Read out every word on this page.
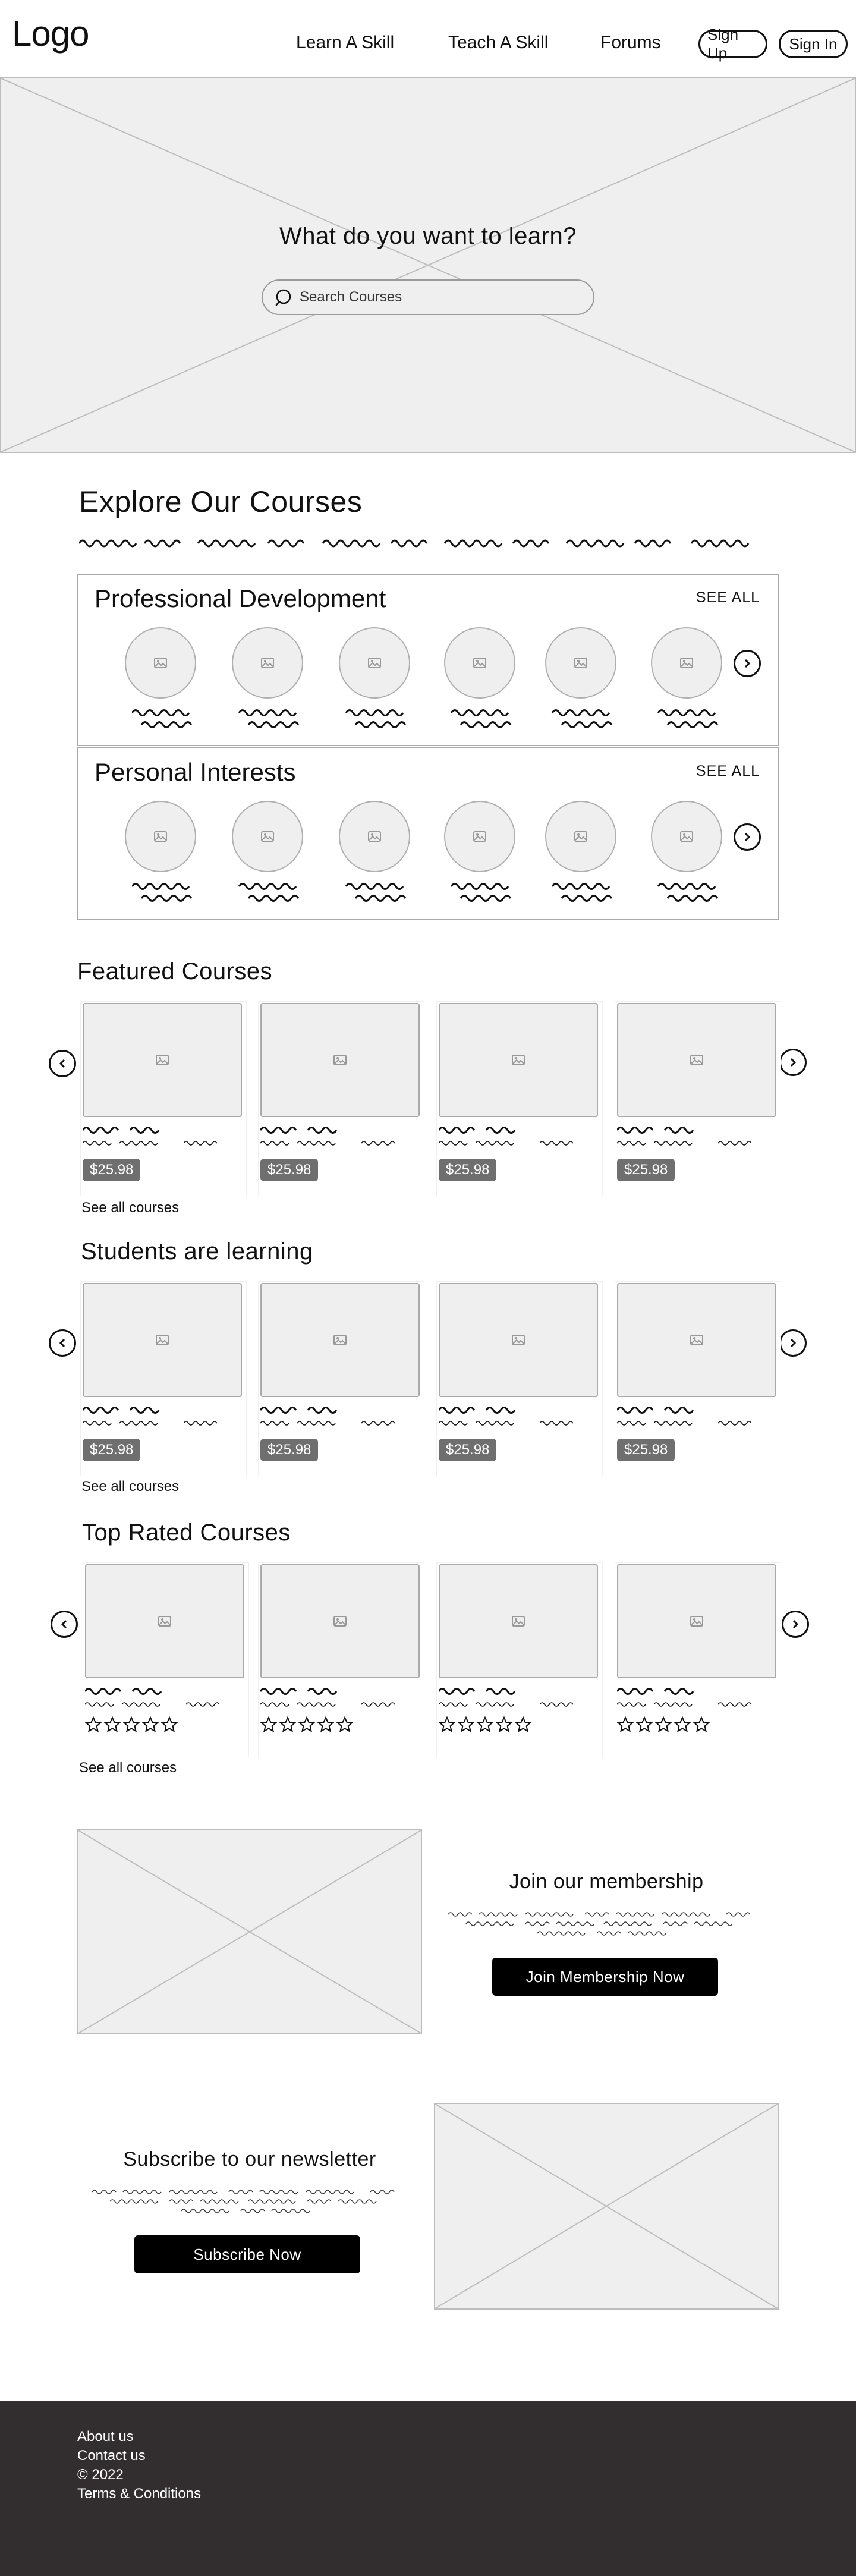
Logo	Learn A Skill	Teach A Skill	Forums	Sign Up
Sign In
What do you want to learn?
Search Courses
Explore Our Courses
Professional Development	SEE ALL
Personal Interests	SEE ALL
Featured Courses
$25.98	$25.98	$25.98	$25.98
See all courses
Students are learning
$25.98	$25.98	$25.98	$25.98
See all courses
Top Rated Courses
See all courses
Join our membership
Join Membership Now
Subscribe to our newsletter
Subscribe Now
About us
Contact us
© 2022
Terms & Conditions
